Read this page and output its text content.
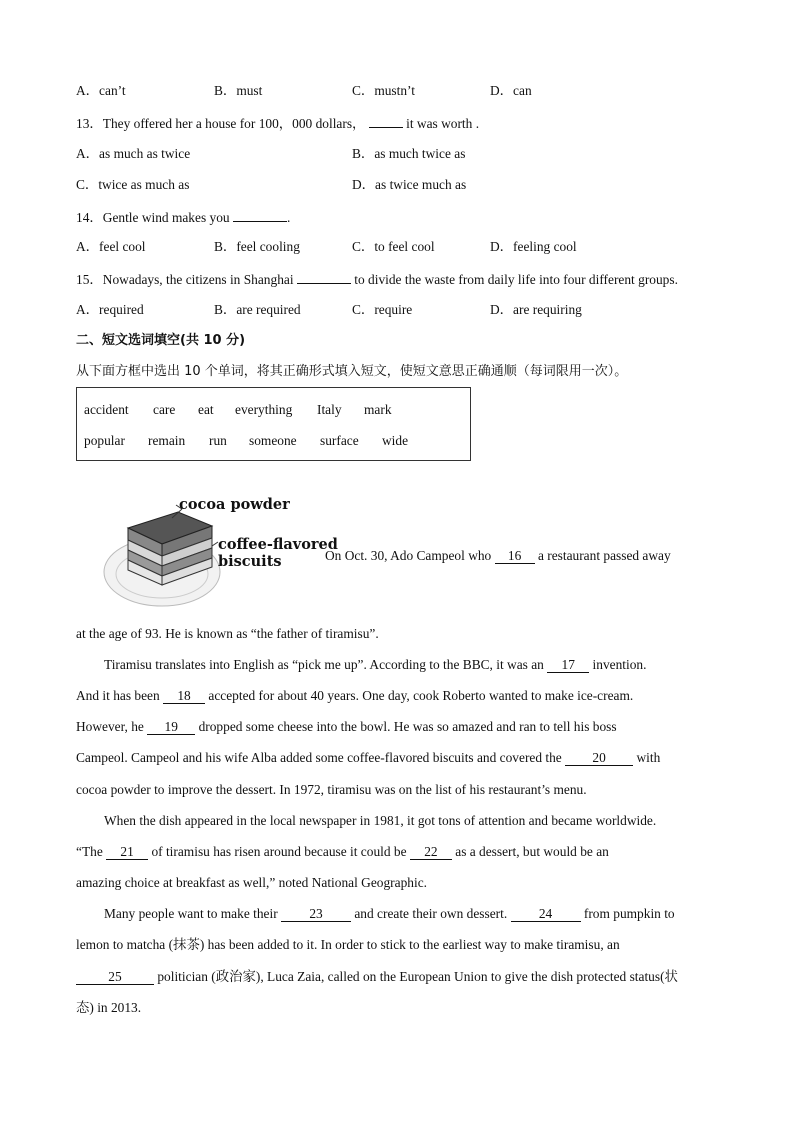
A．can’t	B．must	C．mustn’t	D．can
13．They offered her a house for 100，000 dollars，	it was worth .
A．as much as twice	B．as much twice as
C．twice as much as	D．as twice much as
14．Gentle wind makes you	.
A．feel cool	B．feel cooling	C．to feel cool	D．feeling cool
15．Nowadays, the citizens in Shanghai	to divide the waste from daily life into four different groups.
A．required	B．are required	C．require	D．are requiring
二、短文选词填空(共 10 分)
从下面方框中选出 10 个单词，将其正确形式填入短文，使短文意思正确通顺（每词限用一次）。
accident care eat everything Italy mark
popular remain run someone surface wide
cocoa powder
coffee-flavored
biscuits	On Oct. 30, Ado Campeol who 16 a restaurant passed away
at the age of 93. He is known as “the father of tiramisu”.
Tiramisu translates into English as “pick me up”. According to the BBC, it was an 17 invention.
And it has been 18 accepted for about 40 years. One day, cook Roberto wanted to make ice-cream.
However, he 19 dropped some cheese into the bowl. He was so amazed and ran to tell his boss
Campeol. Campeol and his wife Alba added some coffee-flavored biscuits and covered the 20 with
cocoa powder to improve the dessert. In 1972, tiramisu was on the list of his restaurant’s menu.
When the dish appeared in the local newspaper in 1981, it got tons of attention and became worldwide.
“The 21 of tiramisu has risen around because it could be 22 as a dessert, but would be an
amazing choice at breakfast as well,” noted National Geographic.
Many people want to make their 23 and create their own dessert. 24 from pumpkin to
lemon to matcha (抹茶) has been added to it. In order to stick to the earliest way to make tiramisu, an
25 politician (政治家), Luca Zaia, called on the European Union to give the dish protected status(状
态) in 2013.
